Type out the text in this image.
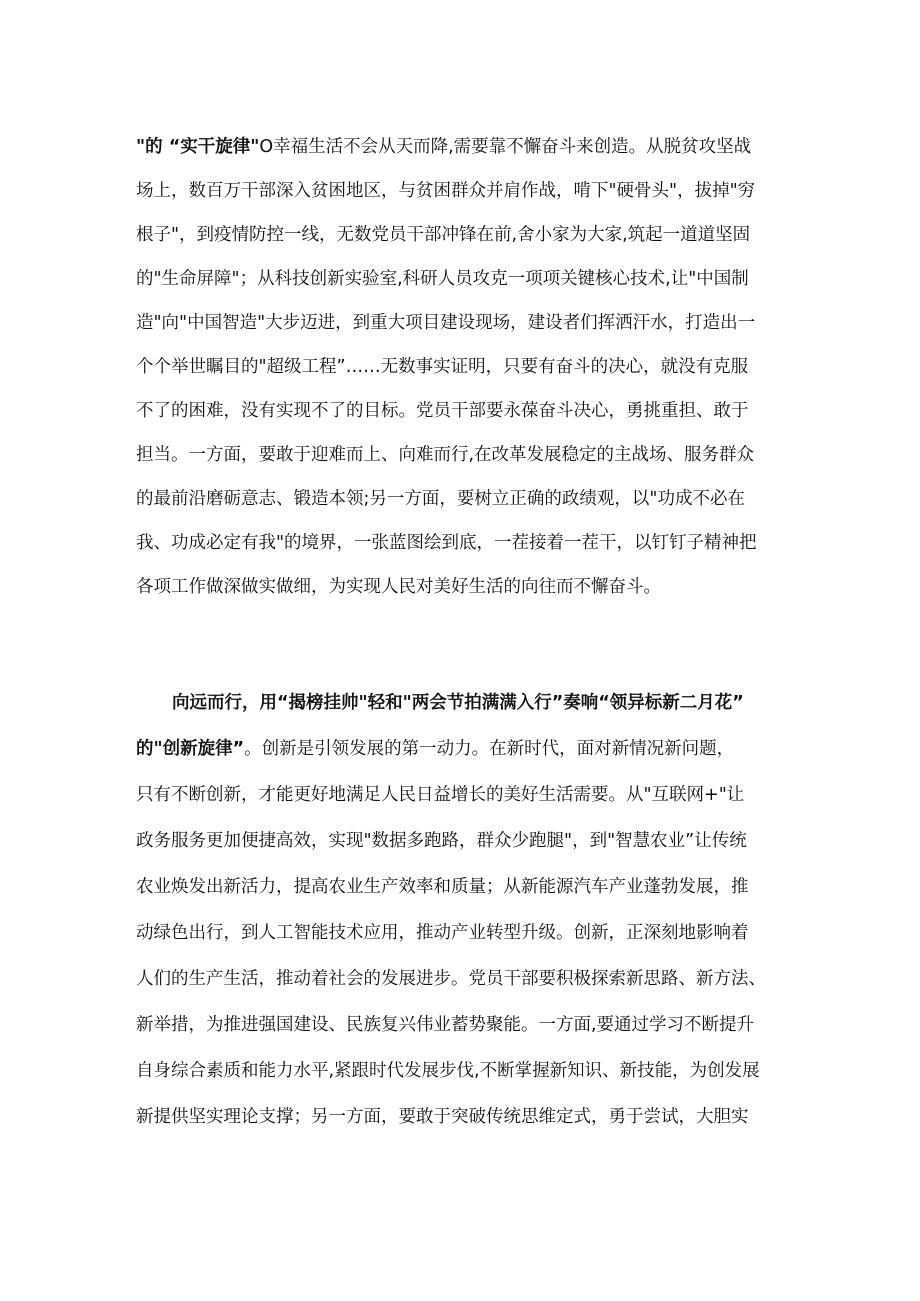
"的 “实干旋律"O幸福生活不会从天而降,需要靠不懈奋斗来创造。从脱贫攻坚战
场上，数百万干部深入贫困地区，与贫困群众并肩作战，啃下"硬骨头"，拔掉"穷
根子"，到疫情防控一线，无数党员干部冲锋在前,舍小家为大家,筑起一道道坚固
的"生命屏障"；从科技创新实验室,科研人员攻克一项项关键核心技术,让"中国制
造"向"中国智造"大步迈进，到重大项目建设现场，建设者们挥洒汗水，打造出一
个个举世瞩目的"超级工程”……无数事实证明，只要有奋斗的决心，就没有克服
不了的困难，没有实现不了的目标。党员干部要永葆奋斗决心，勇挑重担、敢于
担当。一方面，要敢于迎难而上、向难而行,在改革发展稳定的主战场、服务群众
的最前沿磨砺意志、锻造本领;另一方面，要树立正确的政绩观，以"功成不必在
我、功成必定有我"的境界，一张蓝图绘到底，一茬接着一茬干，以钉钉子精神把
各项工作做深做实做细，为实现人民对美好生活的向往而不懈奋斗。
向远而行，用“揭榜挂帅"轻和"两会节拍满满入行”奏响“领异标新二月花”
的"创新旋律”。创新是引领发展的第一动力。在新时代，面对新情况新问题，
只有不断创新，才能更好地满足人民日益增长的美好生活需要。从"互联网+"让
政务服务更加便捷高效，实现"数据多跑路，群众少跑腿"，到"智慧农业”让传统
农业焕发出新活力，提高农业生产效率和质量；从新能源汽车产业蓬勃发展，推
动绿色出行，到人工智能技术应用，推动产业转型升级。创新，正深刻地影响着
人们的生产生活，推动着社会的发展进步。党员干部要积极探索新思路、新方法、
新举措，为推进强国建设、民族复兴伟业蓄势聚能。一方面,要通过学习不断提升
自身综合素质和能力水平,紧跟时代发展步伐,不断掌握新知识、新技能，为创发展
新提供坚实理论支撑；另一方面，要敢于突破传统思维定式，勇于尝试，大胆实
